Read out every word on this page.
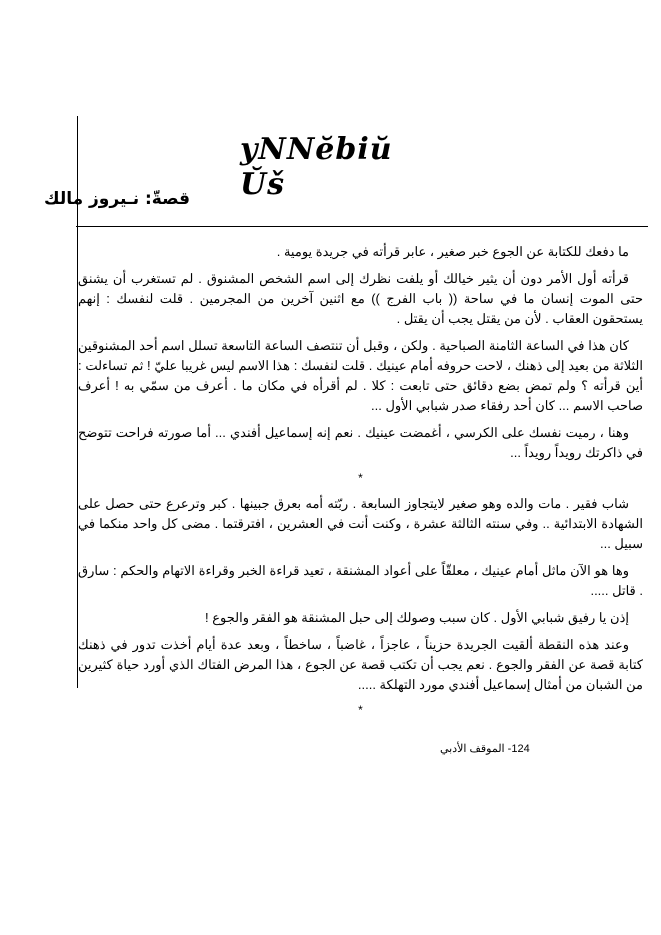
yNNĕbiŭ Ŭš
قصةّ: نـيروز مالك

ما دفعك للكتابة عن الجوع خبر صغير ، عابر قرأته في جريدة يومية .

قرأته أول الأمر دون أن يثير خيالك أو يلفت نظرك إلى اسم الشخص المشنوق . لم تستغرب أن يشنق حتى الموت إنسان ما في ساحة (( باب الفرج )) مع اثنين آخرين من المجرمين . قلت لنفسك : إنهم يستحقون العقاب . لأن من يقتل يجب أن يقتل .

كان هذا في الساعة الثامنة الصباحية . ولكن ، وقبل أن تنتصف الساعة التاسعة تسلل اسم أحد المشنوقين الثلاثة من بعيد إلى ذهنك ، لاحت حروفه أمام عينيك . قلت لنفسك : هذا الاسم ليس غريبا عليّ ! ثم تساءلت : أين قرأته ؟ ولم تمض بضع دقائق حتى تابعت : كلا . لم أقرأه في مكان ما . أعرف من سمّي به ! أعرف صاحب الاسم ... كان أحد رفقاء صدر شبابي الأول ...

وهنا ، رميت نفسك على الكرسي ، أغمضت عينيك . نعم إنه إسماعيل أفندي ... أما صورته فراحت تتوضح في ذاكرتك رويداً رويداً ...

*

شاب فقير . مات والده وهو صغير لايتجاوز السابعة . ربّته أمه بعرق جبينها . كبر وترعرع حتى حصل على الشهادة الابتدائية .. وفي سنته الثالثة عشرة ، وكنت أنت في العشرين ، افترقتما . مضى كل واحد منكما في سبيل ...

وها هو الآن ماثل أمام عينيك ، معلقّاً على أعواد المشنقة ، تعيد قراءة الخبر وقراءة الاتهام والحكم : سارق . قاتل .....

إذن يا رفيق شبابي الأول . كان سبب وصولك إلى حبل المشنقة هو الفقر والجوع !

وعند هذه النقطة ألقيت الجريدة حزيناً ، عاجزاً ، غاضباً ، ساخطاً ، وبعد عدة أيام أخذت تدور في ذهنك كتابة قصة عن الفقر والجوع . نعم يجب أن تكتب قصة عن الجوع ، هذا المرض الفتاك الذي أورد حياة كثيرين من الشبان من أمثال إسماعيل أفندي مورد التهلكة .....

*

124- الموقف الأدبي
